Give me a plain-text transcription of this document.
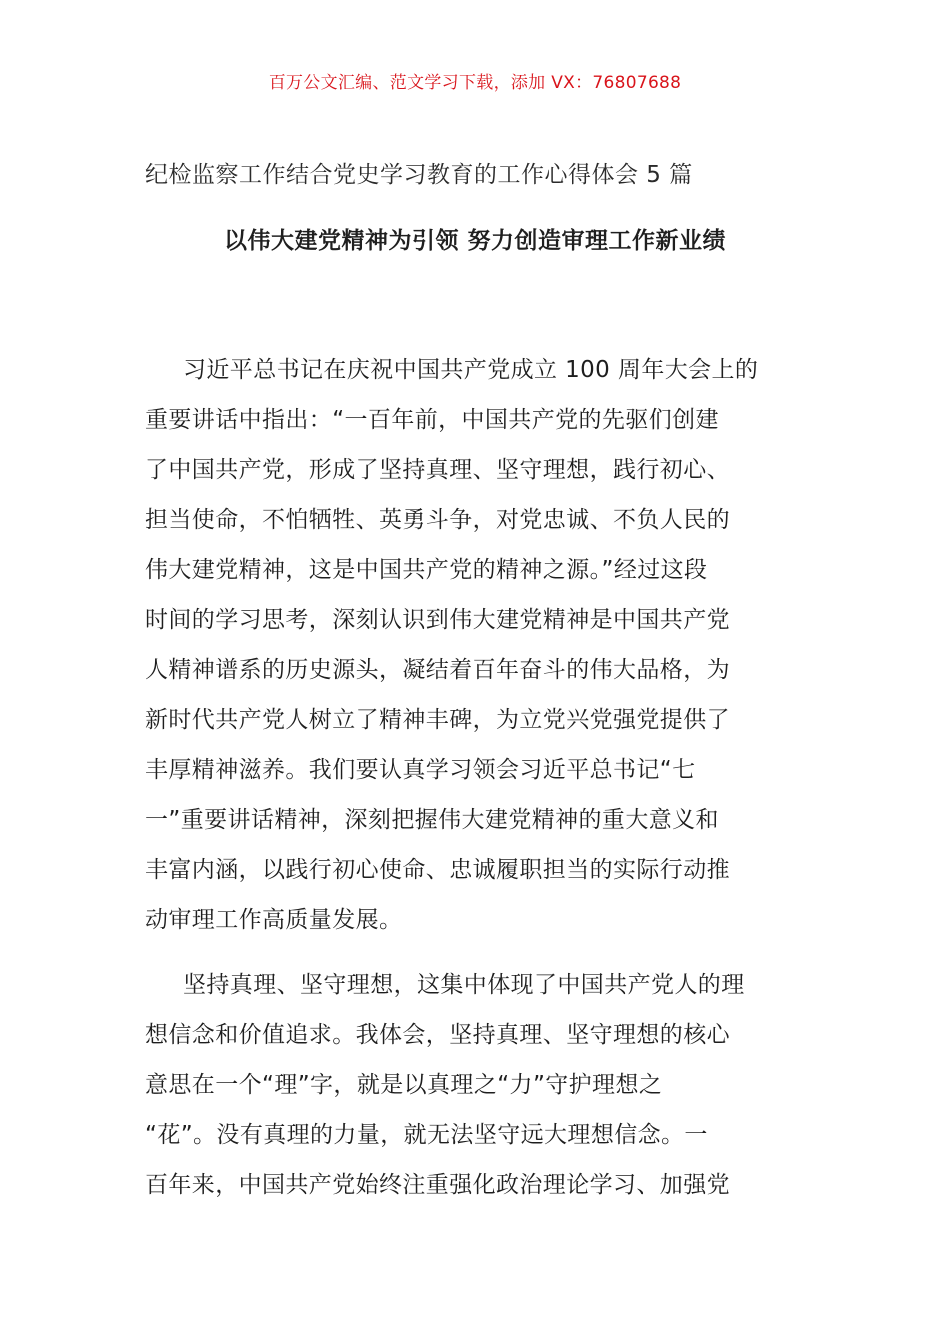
百万公文汇编、范文学习下载，添加 VX：76807688
纪检监察工作结合党史学习教育的工作心得体会 5 篇
以伟大建党精神为引领 努力创造审理工作新业绩
习近平总书记在庆祝中国共产党成立 100 周年大会上的
重要讲话中指出：“一百年前，中国共产党的先驱们创建
了中国共产党，形成了坚持真理、坚守理想，践行初心、
担当使命，不怕牺牲、英勇斗争，对党忠诚、不负人民的
伟大建党精神，这是中国共产党的精神之源。”经过这段
时间的学习思考，深刻认识到伟大建党精神是中国共产党
人精神谱系的历史源头，凝结着百年奋斗的伟大品格，为
新时代共产党人树立了精神丰碑，为立党兴党强党提供了
丰厚精神滋养。我们要认真学习领会习近平总书记“七
一”重要讲话精神，深刻把握伟大建党精神的重大意义和
丰富内涵，以践行初心使命、忠诚履职担当的实际行动推
动审理工作高质量发展。
坚持真理、坚守理想，这集中体现了中国共产党人的理
想信念和价值追求。我体会，坚持真理、坚守理想的核心
意思在一个“理”字，就是以真理之“力”守护理想之
“花”。没有真理的力量，就无法坚守远大理想信念。一
百年来，中国共产党始终注重强化政治理论学习、加强党
